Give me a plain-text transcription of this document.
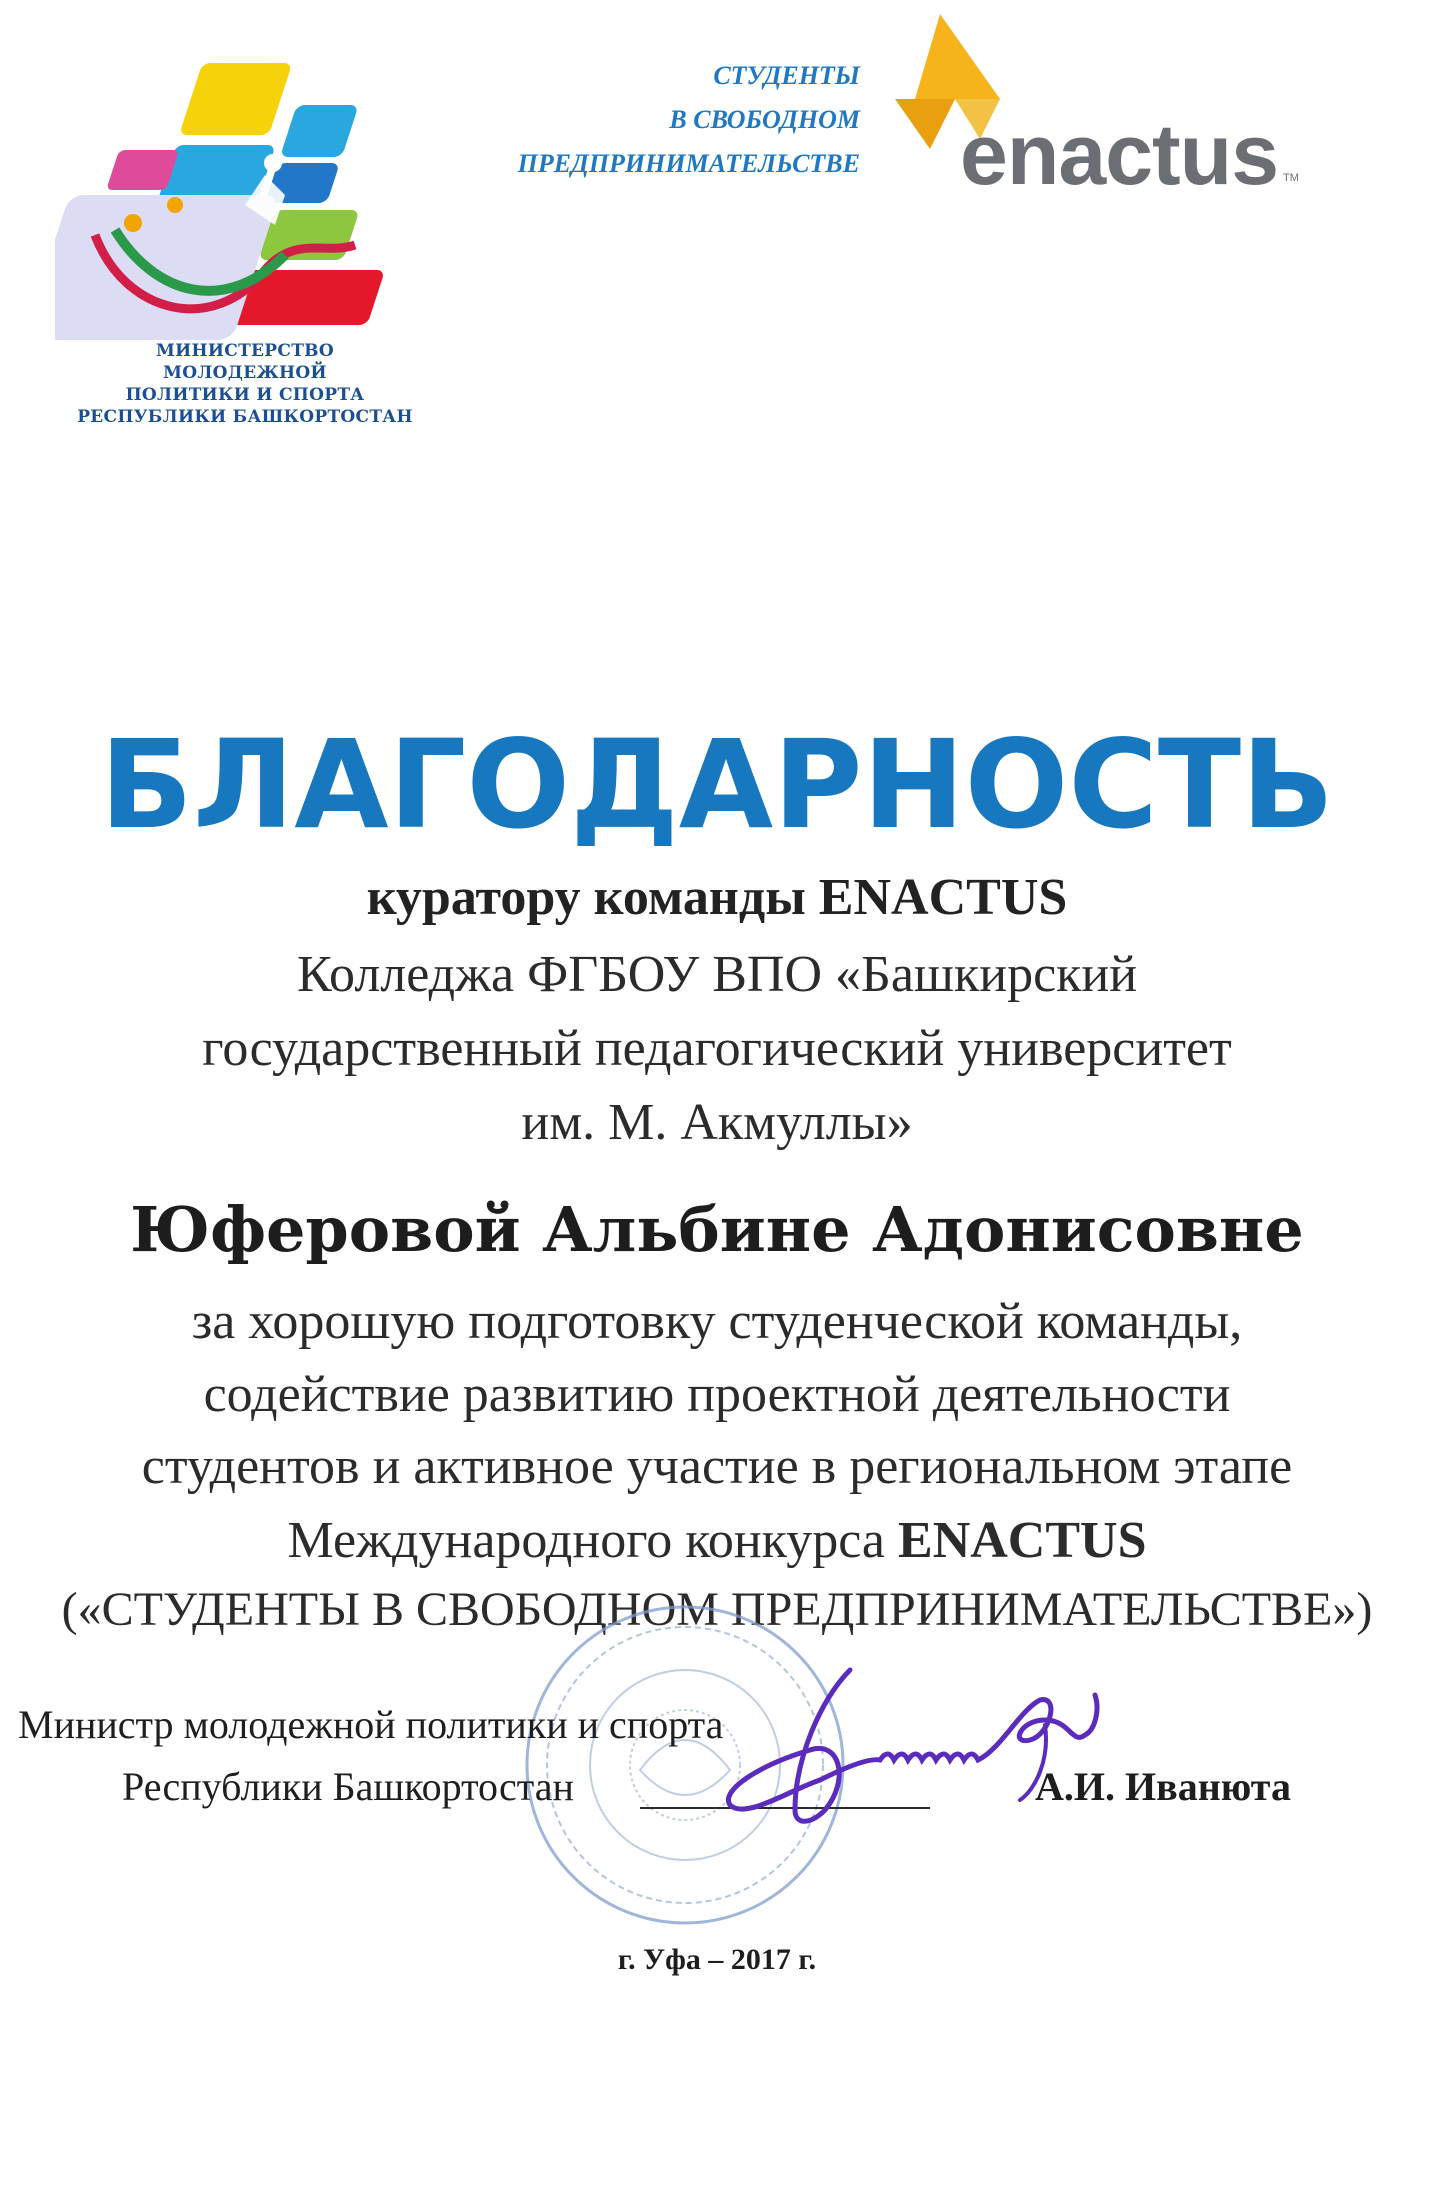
МИНИСТЕРСТВО
МОЛОДЕЖНОЙ
ПОЛИТИКИ И СПОРТА
РЕСПУБЛИКИ БАШКОРТОСТАН
СТУДЕНТЫ
В СВОБОДНОМ
ПРЕДПРИНИМАТЕЛЬСТВЕ enactus TM
БЛАГОДАРНОСТЬ
куратору команды ENACTUS
Колледжа ФГБОУ ВПО «Башкирский
государственный педагогический университет
им. М. Акмуллы»
Юферовой Альбине Адонисовне
за хорошую подготовку студенческой команды,
содействие развитию проектной деятельности
студентов и активное участие в региональном этапе
Международного конкурса ENACTUS
(«СТУДЕНТЫ В СВОБОДНОМ ПРЕДПРИНИМАТЕЛЬСТВЕ»)
Министр молодежной политики и спорта
Республики Башкортостан	А.И. Иванюта
г. Уфа – 2017 г.
